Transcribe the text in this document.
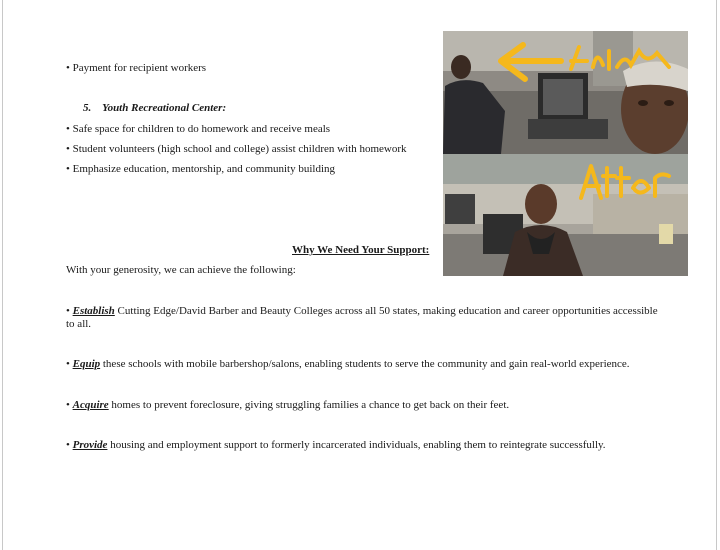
• Payment for recipient workers
5. Youth Recreational Center:
• Safe space for children to do homework and receive meals
• Student volunteers (high school and college) assist children with homework
• Emphasize education, mentorship, and community building
Why We Need Your Support:
With your generosity, we can achieve the following:
• Establish Cutting Edge/David Barber and Beauty Colleges across all 50 states, making education and career opportunities accessible to all.
• Equip these schools with mobile barbershop/salons, enabling students to serve the community and gain real-world experience.
• Acquire homes to prevent foreclosure, giving struggling families a chance to get back on their feet.
• Provide housing and employment support to formerly incarcerated individuals, enabling them to reintegrate successfully.
